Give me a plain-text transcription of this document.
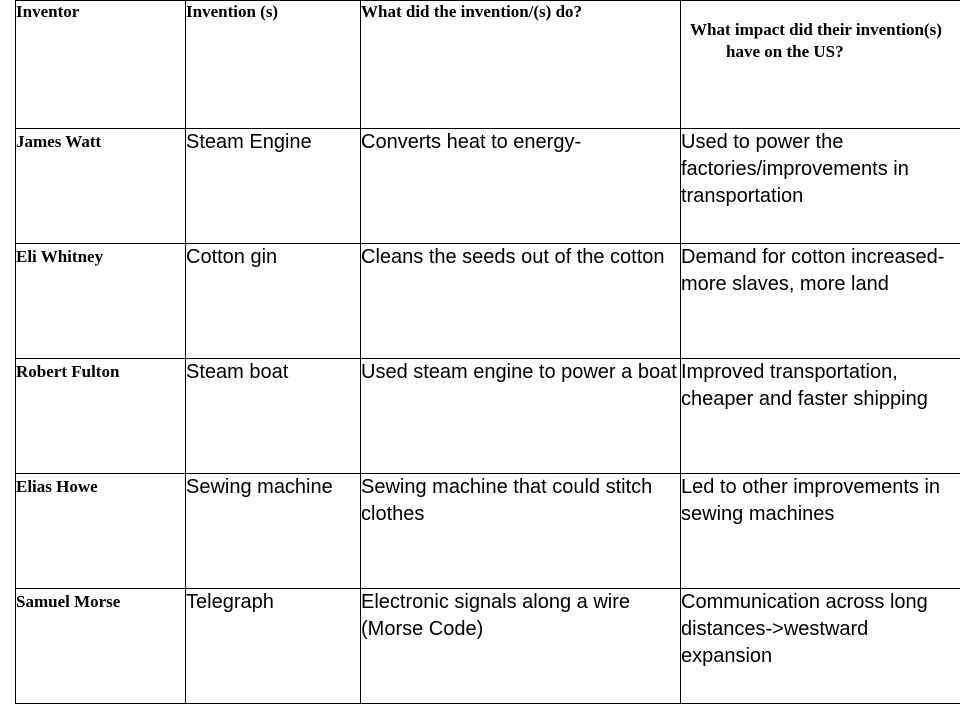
Inventor	Invention (s)	What did the invention/(s) do?	What impact did their invention(s) have on the US?

James Watt	Steam Engine	Converts heat to energy-	Used to power the factories/improvements in transportation

Eli Whitney	Cotton gin	Cleans the seeds out of the cotton	Demand for cotton increased-more slaves, more land

Robert Fulton	Steam boat	Used steam engine to power a boat	Improved transportation, cheaper and faster shipping

Elias Howe	Sewing machine	Sewing machine that could stitch clothes	Led to other improvements in sewing machines

Samuel Morse	Telegraph	Electronic signals along a wire (Morse Code)	Communication across long distances->westward expansion
